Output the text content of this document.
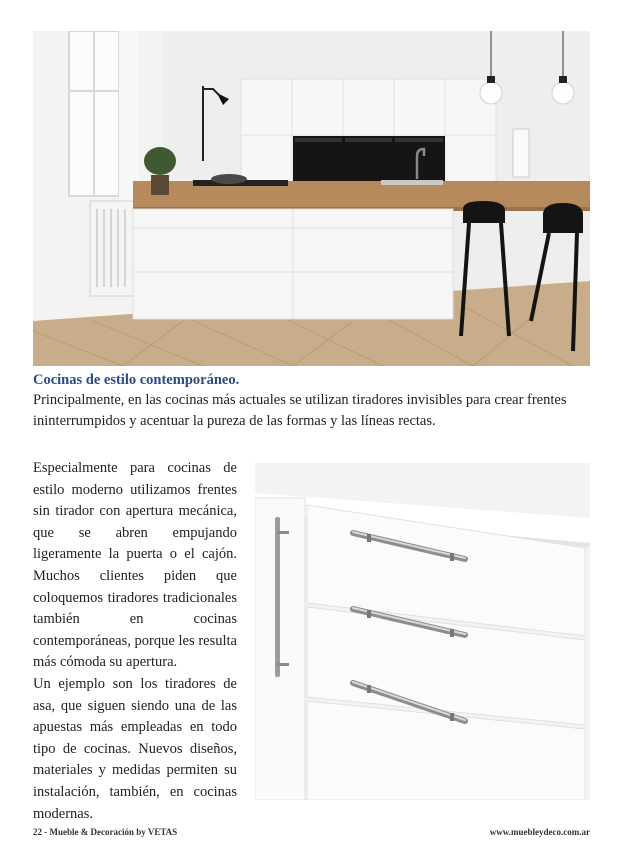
Cocinas de estilo contemporáneo.
Principalmente, en las cocinas más actuales se utilizan tiradores invisibles para crear frentes ininterrumpidos y acentuar la pureza de las formas y las líneas rectas.

Especialmente para cocinas de estilo moderno utilizamos frentes sin tirador con apertura mecánica, que se abren empujando ligeramente la puerta o el cajón. Muchos clientes piden que coloquemos tiradores tradicionales también en cocinas contemporáneas, porque les resulta más cómoda su apertura.

Un ejemplo son los tiradores de asa, que siguen siendo una de las apuestas más empleadas en todo tipo de cocinas. Nuevos diseños, materiales y medidas permiten su instalación, también, en cocinas modernas.

22 - Mueble & Decoración by VETAS	www.muebleydeco.com.ar
